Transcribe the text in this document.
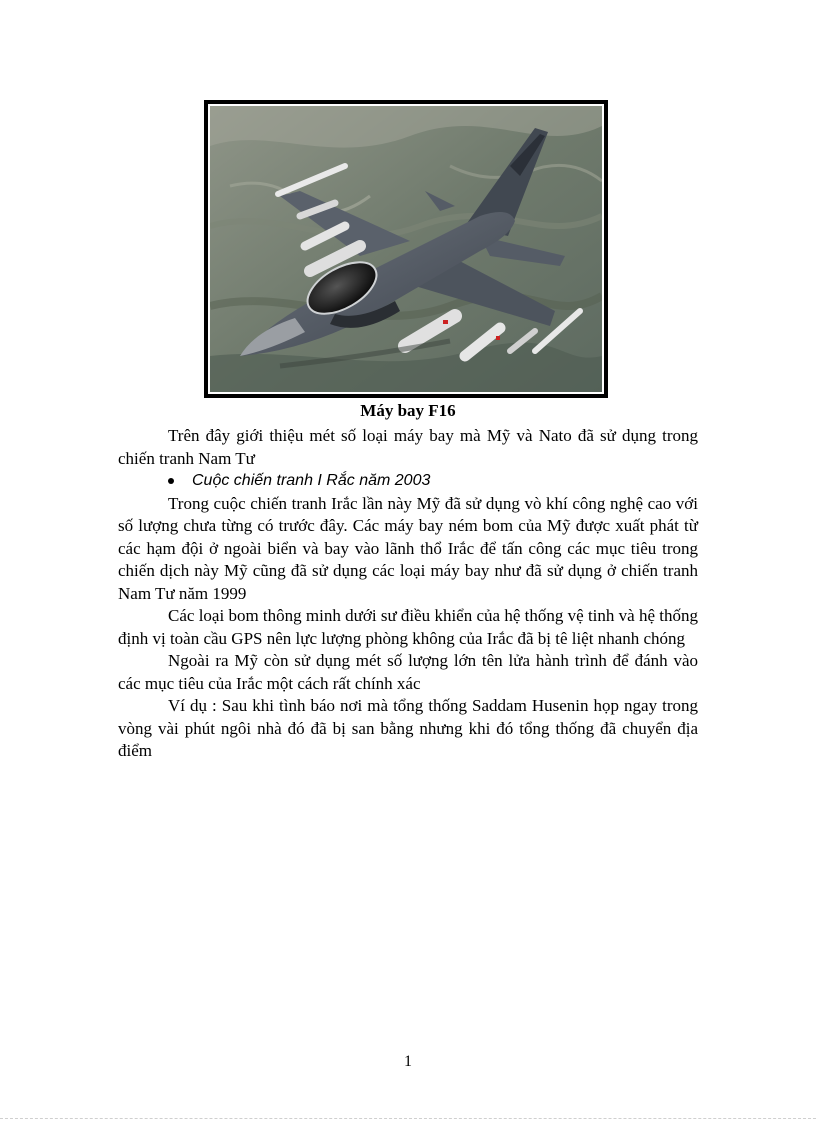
Máy bay F16

Trên đây giới thiệu mét số loại máy bay mà Mỹ và Nato đã sử dụng trong chiến tranh Nam Tư

Cuộc chiến tranh I Rắc năm 2003

Trong cuộc chiến tranh Irắc lần này Mỹ đã sử dụng vò khí công nghệ cao với số lượng chưa từng có trước đây. Các máy bay ném bom của Mỹ được xuất phát từ các hạm đội ở ngoài biển và bay vào lãnh thổ Irắc để tấn công các mục tiêu trong chiến dịch này Mỹ cũng đã sử dụng các loại máy bay như đã sử dụng ở chiến tranh Nam Tư năm 1999

Các loại bom thông minh dưới sư điều khiển của hệ thống vệ tinh và hệ thống định vị toàn cầu GPS nên lực lượng phòng không của Irắc đã bị tê liệt nhanh chóng

Ngoài ra Mỹ còn sử dụng mét số lượng lớn tên lửa hành trình để đánh vào các mục tiêu của Irắc một cách rất chính xác

Ví dụ : Sau khi tình báo nơi mà tổng thống Saddam Husenin họp ngay trong vòng vài phút ngôi nhà đó đã bị san bằng nhưng khi đó tổng thống đã chuyển địa điểm

1
